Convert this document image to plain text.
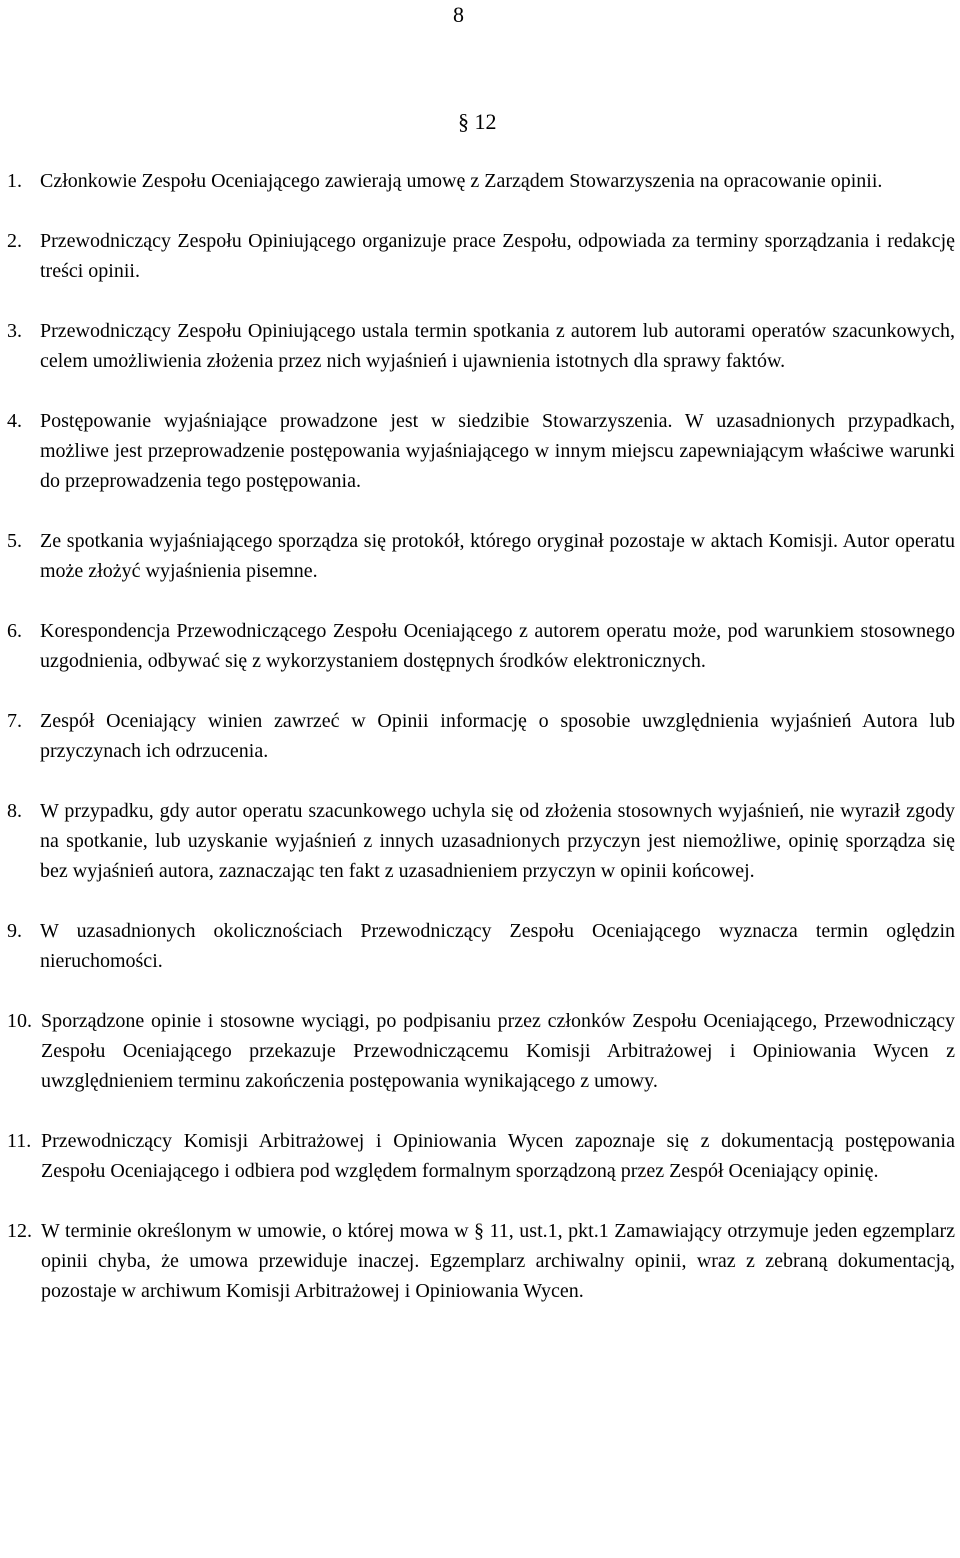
8
§ 12
1. Członkowie Zespołu Oceniającego zawierają umowę z Zarządem Stowarzyszenia na opracowanie opinii.
2. Przewodniczący Zespołu Opiniującego organizuje prace Zespołu, odpowiada za terminy sporządzania i redakcję treści opinii.
3. Przewodniczący Zespołu Opiniującego ustala termin spotkania z autorem lub autorami operatów szacunkowych, celem umożliwienia złożenia przez nich wyjaśnień i ujawnienia istotnych dla sprawy faktów.
4. Postępowanie wyjaśniające prowadzone jest w siedzibie Stowarzyszenia. W uzasadnionych przypadkach, możliwe jest przeprowadzenie postępowania wyjaśniającego w innym miejscu zapewniającym właściwe warunki do przeprowadzenia tego postępowania.
5. Ze spotkania wyjaśniającego sporządza się protokół, którego oryginał pozostaje w aktach Komisji. Autor operatu może złożyć wyjaśnienia pisemne.
6. Korespondencja Przewodniczącego Zespołu Oceniającego z autorem operatu może, pod warunkiem stosownego uzgodnienia, odbywać się z wykorzystaniem dostępnych środków elektronicznych.
7. Zespół Oceniający winien zawrzeć w Opinii informację o sposobie uwzględnienia wyjaśnień Autora lub przyczynach ich odrzucenia.
8. W przypadku, gdy autor operatu szacunkowego uchyla się od złożenia stosownych wyjaśnień, nie wyraził zgody na spotkanie, lub uzyskanie wyjaśnień z innych uzasadnionych przyczyn jest niemożliwe, opinię sporządza się bez wyjaśnień autora, zaznaczając ten fakt z uzasadnieniem przyczyn w opinii końcowej.
9. W uzasadnionych okolicznościach Przewodniczący Zespołu Oceniającego wyznacza termin oględzin nieruchomości.
10. Sporządzone opinie i stosowne wyciągi, po podpisaniu przez członków Zespołu Oceniającego, Przewodniczący Zespołu Oceniającego przekazuje Przewodniczącemu Komisji Arbitrażowej i Opiniowania Wycen z uwzględnieniem terminu zakończenia postępowania wynikającego z umowy.
11. Przewodniczący Komisji Arbitrażowej i Opiniowania Wycen zapoznaje się z dokumentacją postępowania Zespołu Oceniającego i odbiera pod względem formalnym sporządzoną przez Zespół Oceniający opinię.
12. W terminie określonym w umowie, o której mowa w § 11, ust.1, pkt.1 Zamawiający otrzymuje jeden egzemplarz opinii chyba, że umowa przewiduje inaczej. Egzemplarz archiwalny opinii, wraz z zebraną dokumentacją, pozostaje w archiwum Komisji Arbitrażowej i Opiniowania Wycen.
